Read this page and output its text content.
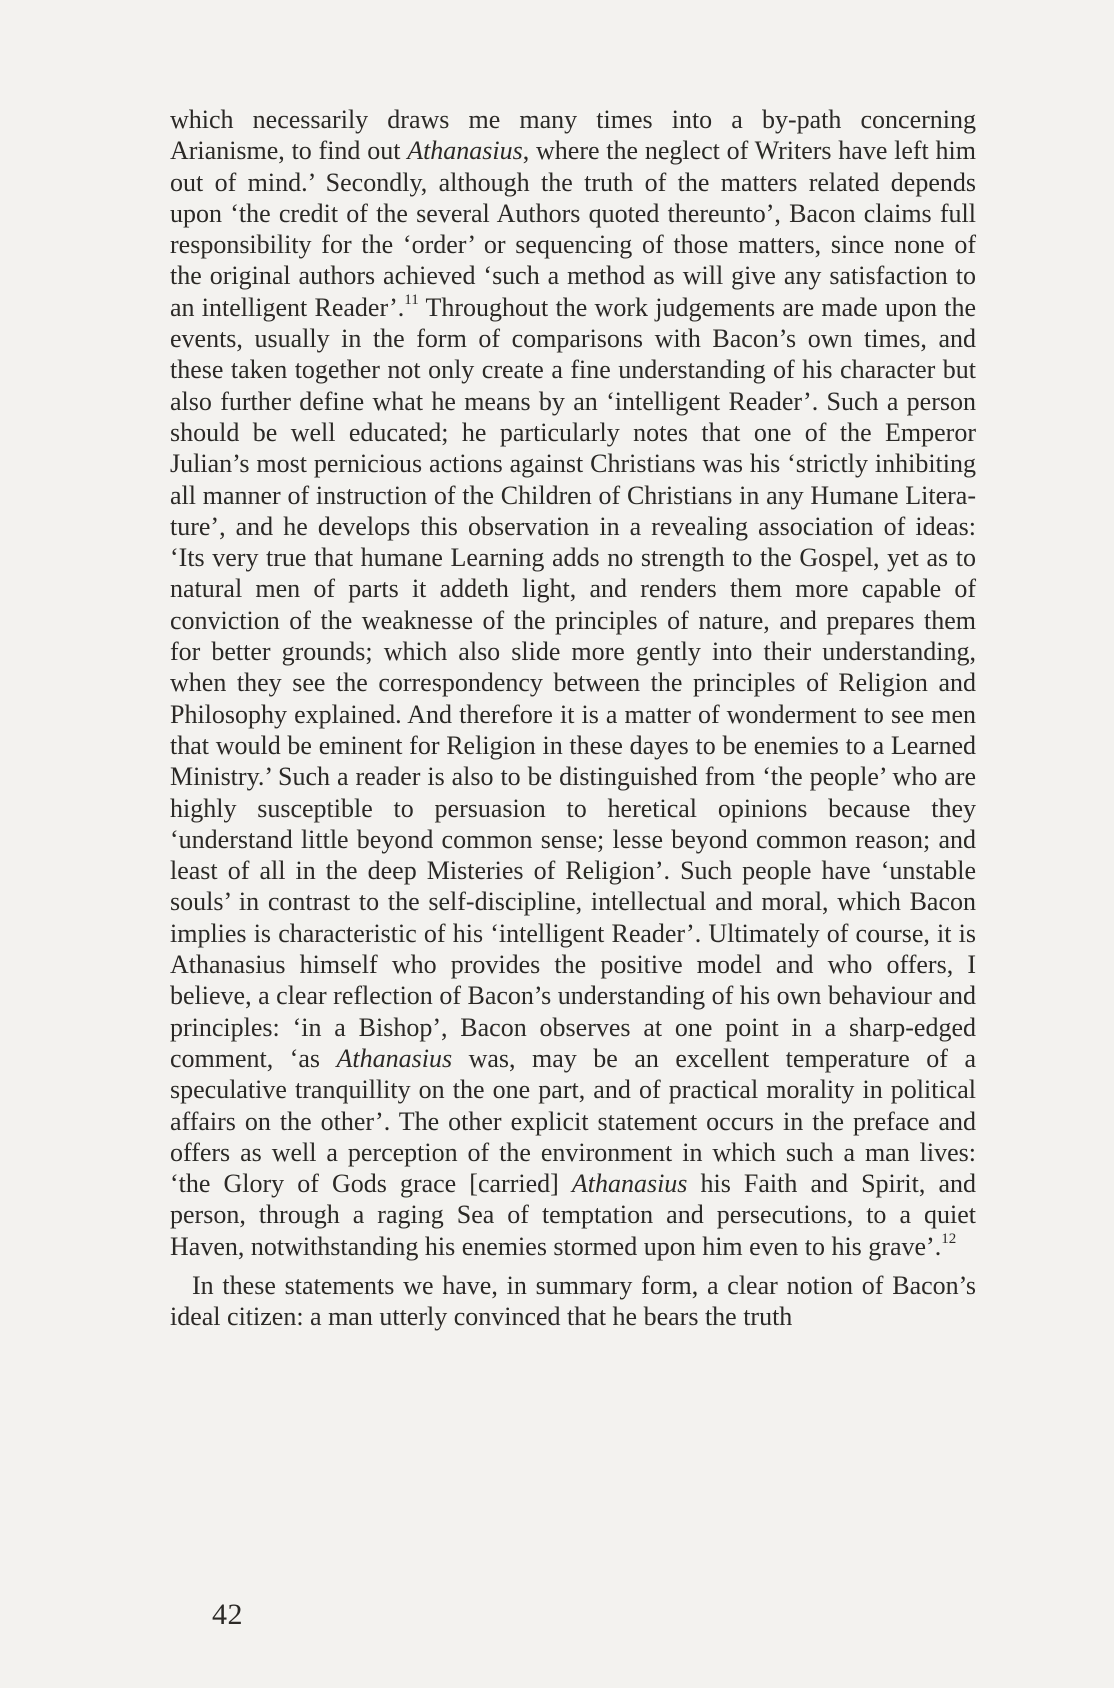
which necessarily draws me many times into a by-path concerning Arianisme, to find out Athanasius, where the neglect of Writers have left him out of mind.’ Secondly, although the truth of the matters related depends upon ‘the credit of the several Authors quoted thereunto’, Bacon claims full responsibility for the ‘order’ or sequencing of those matters, since none of the original authors achieved ‘such a method as will give any satisfaction to an intelligent Reader’.$^{11}$ Throughout the work judgements are made upon the events, usually in the form of comparisons with Bacon’s own times, and these taken together not only create a fine understanding of his character but also further define what he means by an ‘intelligent Reader’. Such a person should be well educated; he particularly notes that one of the Emperor Julian’s most pernicious actions against Christians was his ‘strictly inhibiting all manner of instruction of the Children of Christians in any Humane Literature’, and he develops this observation in a revealing association of ideas: ‘Its very true that humane Learning adds no strength to the Gospel, yet as to natural men of parts it addeth light, and renders them more capable of conviction of the weaknesse of the principles of nature, and prepares them for better grounds; which also slide more gently into their understanding, when they see the correspondency between the principles of Religion and Philosophy explained. And therefore it is a matter of wonderment to see men that would be eminent for Religion in these dayes to be enemies to a Learned Ministry.’ Such a reader is also to be distinguished from ‘the people’ who are highly susceptible to persuasion to heretical opinions because they ‘understand little beyond common sense; lesse beyond common reason; and least of all in the deep Misteries of Religion’. Such people have ‘unstable souls’ in contrast to the self-discipline, intellectual and moral, which Bacon implies is characteristic of his ‘intelligent Reader’. Ultimately of course, it is Athanasius himself who provides the positive model and who offers, I believe, a clear reflection of Bacon’s understanding of his own behaviour and principles: ‘in a Bishop’, Bacon observes at one point in a sharp-edged comment, ‘as Athanasius was, may be an excellent temperature of a speculative tranquillity on the one part, and of practical morality in political affairs on the other’. The other explicit statement occurs in the preface and offers as well a perception of the environment in which such a man lives: ‘the Glory of Gods grace [carried] Athanasius his Faith and Spirit, and person, through a raging Sea of temptation and persecutions, to a quiet Haven, notwithstanding his enemies stormed upon him even to his grave’.$^{12}$

In these statements we have, in summary form, a clear notion of Bacon’s ideal citizen: a man utterly convinced that he bears the truth

42
